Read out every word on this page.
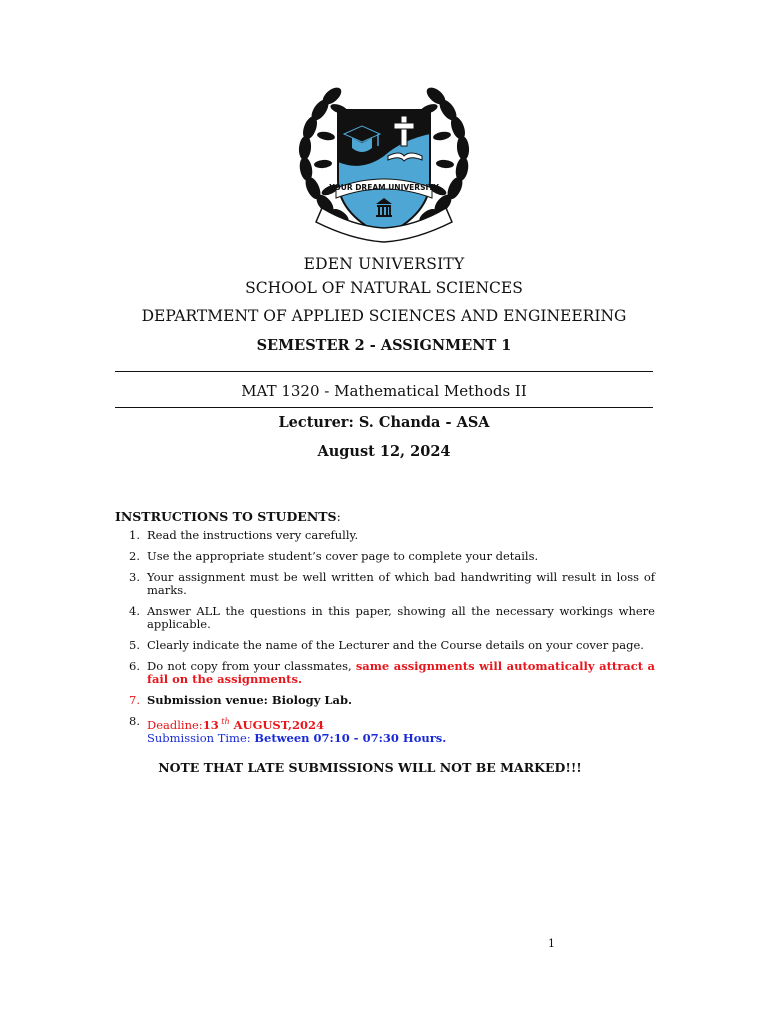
YOUR DREAM UNIVERSITY
EDEN UNIVERSITY
SCHOOL OF NATURAL SCIENCES
DEPARTMENT OF APPLIED SCIENCES AND ENGINEERING
SEMESTER 2 - ASSIGNMENT 1
MAT 1320 - Mathematical Methods II
Lecturer: S. Chanda - ASA
August 12, 2024
INSTRUCTIONS TO STUDENTS:
1. Read the instructions very carefully.
2. Use the appropriate student’s cover page to complete your details.
3. Your assignment must be well written of which bad handwriting will result in loss of marks.
4. Answer ALL the questions in this paper, showing all the necessary workings where applicable.
5. Clearly indicate the name of the Lecturer and the Course details on your cover page.
6. Do not copy from your classmates, same assignments will automatically attract a fail on the assignments.
7. Submission venue: Biology Lab.
8. Deadline:13 $^{th}$ AUGUST,2024
Submission Time: Between 07:10 - 07:30 Hours.
NOTE THAT LATE SUBMISSIONS WILL NOT BE MARKED!!!
1
